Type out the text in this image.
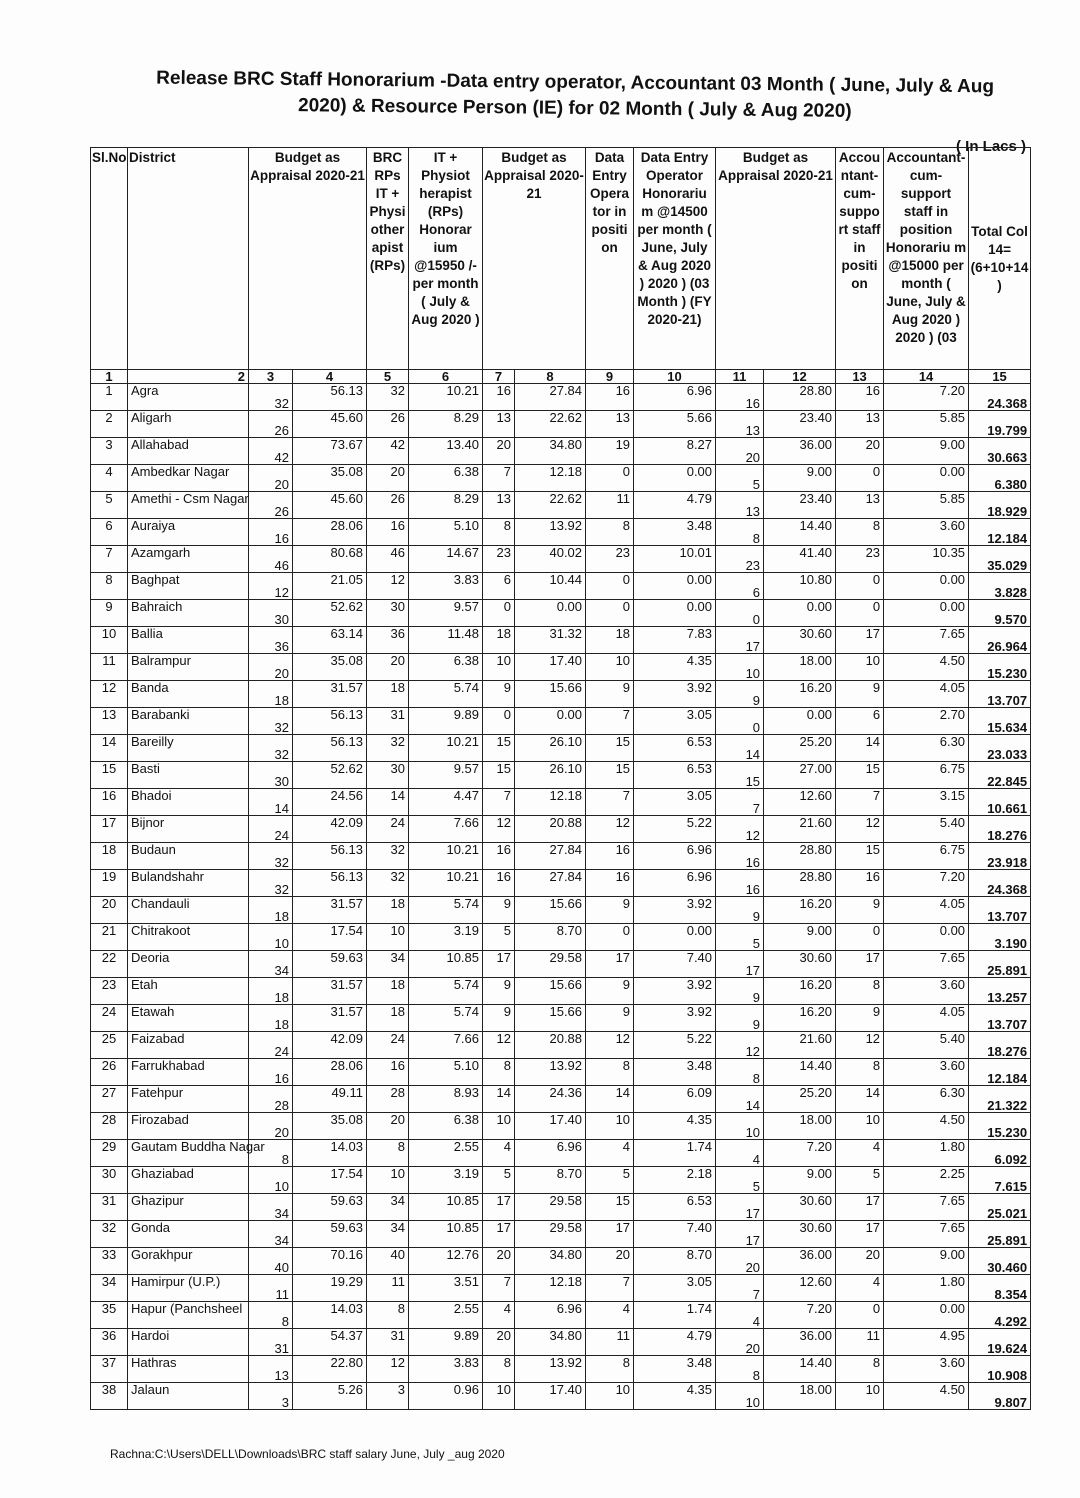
Release BRC Staff Honorarium -Data entry operator, Accountant 03 Month ( June, July & Aug
2020) & Resource Person (IE) for 02 Month ( July & Aug 2020)
( In Lacs )
Sl.No	District	Budget as Appraisal 2020-21		BRC RPs IT + Physi other apist (RPs)	IT + Physiot herapist (RPs) Honorar ium @15950 /- per month ( July & Aug 2020 )	Budget as Appraisal 2020-21		Data Entry Opera tor in positi on	Data Entry Operator Honorariu m @14500 per month ( June, July & Aug 2020 ) 2020 ) (03 Month ) (FY 2020-21)	Budget as Appraisal 2020-21		Accou ntant-cum-suppo rt staff in positi on	Accountant-cum-support staff in position Honorariu m @15000 per month ( June, July & Aug 2020 ) 2020 ) (03	Total Col 14=(6+10+14 )
1	2	3	4	5	6	7	8	9	10	11	12	13	14	15
1	Agra	32	56.13	32	10.21	16	27.84	16	6.96	16	28.80	16	7.20	24.368
2	Aligarh	26	45.60	26	8.29	13	22.62	13	5.66	13	23.40	13	5.85	19.799
3	Allahabad	42	73.67	42	13.40	20	34.80	19	8.27	20	36.00	20	9.00	30.663
4	Ambedkar Nagar	20	35.08	20	6.38	7	12.18	0	0.00	5	9.00	0	0.00	6.380
5	Amethi - Csm Nagar	26	45.60	26	8.29	13	22.62	11	4.79	13	23.40	13	5.85	18.929
6	Auraiya	16	28.06	16	5.10	8	13.92	8	3.48	8	14.40	8	3.60	12.184
7	Azamgarh	46	80.68	46	14.67	23	40.02	23	10.01	23	41.40	23	10.35	35.029
8	Baghpat	12	21.05	12	3.83	6	10.44	0	0.00	6	10.80	0	0.00	3.828
9	Bahraich	30	52.62	30	9.57	0	0.00	0	0.00	0	0.00	0	0.00	9.570
10	Ballia	36	63.14	36	11.48	18	31.32	18	7.83	17	30.60	17	7.65	26.964
11	Balrampur	20	35.08	20	6.38	10	17.40	10	4.35	10	18.00	10	4.50	15.230
12	Banda	18	31.57	18	5.74	9	15.66	9	3.92	9	16.20	9	4.05	13.707
13	Barabanki	32	56.13	31	9.89	0	0.00	7	3.05	0	0.00	6	2.70	15.634
14	Bareilly	32	56.13	32	10.21	15	26.10	15	6.53	14	25.20	14	6.30	23.033
15	Basti	30	52.62	30	9.57	15	26.10	15	6.53	15	27.00	15	6.75	22.845
16	Bhadoi	14	24.56	14	4.47	7	12.18	7	3.05	7	12.60	7	3.15	10.661
17	Bijnor	24	42.09	24	7.66	12	20.88	12	5.22	12	21.60	12	5.40	18.276
18	Budaun	32	56.13	32	10.21	16	27.84	16	6.96	16	28.80	15	6.75	23.918
19	Bulandshahr	32	56.13	32	10.21	16	27.84	16	6.96	16	28.80	16	7.20	24.368
20	Chandauli	18	31.57	18	5.74	9	15.66	9	3.92	9	16.20	9	4.05	13.707
21	Chitrakoot	10	17.54	10	3.19	5	8.70	0	0.00	5	9.00	0	0.00	3.190
22	Deoria	34	59.63	34	10.85	17	29.58	17	7.40	17	30.60	17	7.65	25.891
23	Etah	18	31.57	18	5.74	9	15.66	9	3.92	9	16.20	8	3.60	13.257
24	Etawah	18	31.57	18	5.74	9	15.66	9	3.92	9	16.20	9	4.05	13.707
25	Faizabad	24	42.09	24	7.66	12	20.88	12	5.22	12	21.60	12	5.40	18.276
26	Farrukhabad	16	28.06	16	5.10	8	13.92	8	3.48	8	14.40	8	3.60	12.184
27	Fatehpur	28	49.11	28	8.93	14	24.36	14	6.09	14	25.20	14	6.30	21.322
28	Firozabad	20	35.08	20	6.38	10	17.40	10	4.35	10	18.00	10	4.50	15.230
29	Gautam Buddha Nagar	8	14.03	8	2.55	4	6.96	4	1.74	4	7.20	4	1.80	6.092
30	Ghaziabad	10	17.54	10	3.19	5	8.70	5	2.18	5	9.00	5	2.25	7.615
31	Ghazipur	34	59.63	34	10.85	17	29.58	15	6.53	17	30.60	17	7.65	25.021
32	Gonda	34	59.63	34	10.85	17	29.58	17	7.40	17	30.60	17	7.65	25.891
33	Gorakhpur	40	70.16	40	12.76	20	34.80	20	8.70	20	36.00	20	9.00	30.460
34	Hamirpur (U.P.)	11	19.29	11	3.51	7	12.18	7	3.05	7	12.60	4	1.80	8.354
35	Hapur (Panchsheel	8	14.03	8	2.55	4	6.96	4	1.74	4	7.20	0	0.00	4.292
36	Hardoi	31	54.37	31	9.89	20	34.80	11	4.79	20	36.00	11	4.95	19.624
37	Hathras	13	22.80	12	3.83	8	13.92	8	3.48	8	14.40	8	3.60	10.908
38	Jalaun	3	5.26	3	0.96	10	17.40	10	4.35	10	18.00	10	4.50	9.807
Rachna:C:\Users\DELL\Downloads\BRC staff salary June, July _aug 2020
